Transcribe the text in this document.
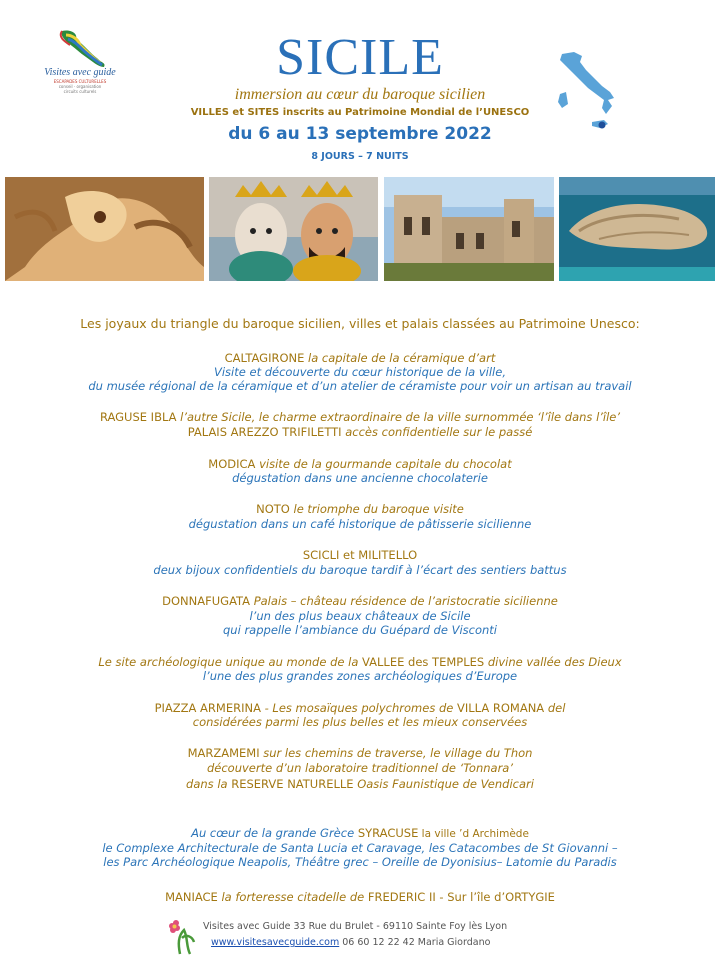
Visites avec guide
ESCAPADES CULTURELLES
conseil · organisation
circuits culturels
SICILE
immersion au cœur du baroque sicilien
VILLES et SITES inscrits au Patrimoine Mondial de l’UNESCO
du 6 au 13 septembre 2022
8 JOURS – 7 NUITS
Les joyaux du triangle du baroque sicilien, villes et palais classées au Patrimoine Unesco:
CALTAGIRONE la capitale de la céramique d’art
Visite et découverte du cœur historique de la ville,
du musée régional de la céramique et d’un atelier de céramiste pour voir un artisan au travail
RAGUSE IBLA l’autre Sicile, le charme extraordinaire de la ville surnommée ‘l’île dans l’île’
PALAIS AREZZO TRIFILETTI accès confidentielle sur le passé
MODICA visite de la gourmande capitale du chocolat
dégustation dans une ancienne chocolaterie
NOTO le triomphe du baroque visite
dégustation dans un café historique de pâtisserie sicilienne
SCICLI et MILITELLO
deux bijoux confidentiels du baroque tardif à l’écart des sentiers battus
DONNAFUGATA Palais – château résidence de l’aristocratie sicilienne
l’un des plus beaux châteaux de Sicile
qui rappelle l’ambiance du Guépard de Visconti
Le site archéologique unique au monde de la VALLEE des TEMPLES divine vallée des Dieux
l’une des plus grandes zones archéologiques d’Europe
PIAZZA ARMERINA - Les mosaïques polychromes de VILLA ROMANA del
considérées parmi les plus belles et les mieux conservées
MARZAMEMI sur les chemins de traverse, le village du Thon
découverte d’un laboratoire traditionnel de ‘Tonnara’
dans la RESERVE NATURELLE Oasis Faunistique de Vendicari
Au cœur de la grande Grèce SYRACUSE la ville ’d Archimède
le Complexe Architecturale de Santa Lucia et Caravage, les Catacombes de St Giovanni –
les Parc Archéologique Neapolis, Théâtre grec – Oreille de Dyonisius– Latomie du Paradis
MANIACE la forteresse citadelle de FREDERIC II - Sur l’île d’ORTYGIE
Visites avec Guide 33 Rue du Brulet - 69110 Sainte Foy lès Lyon
www.visitesavecguide.com 06 60 12 22 42 Maria Giordano
